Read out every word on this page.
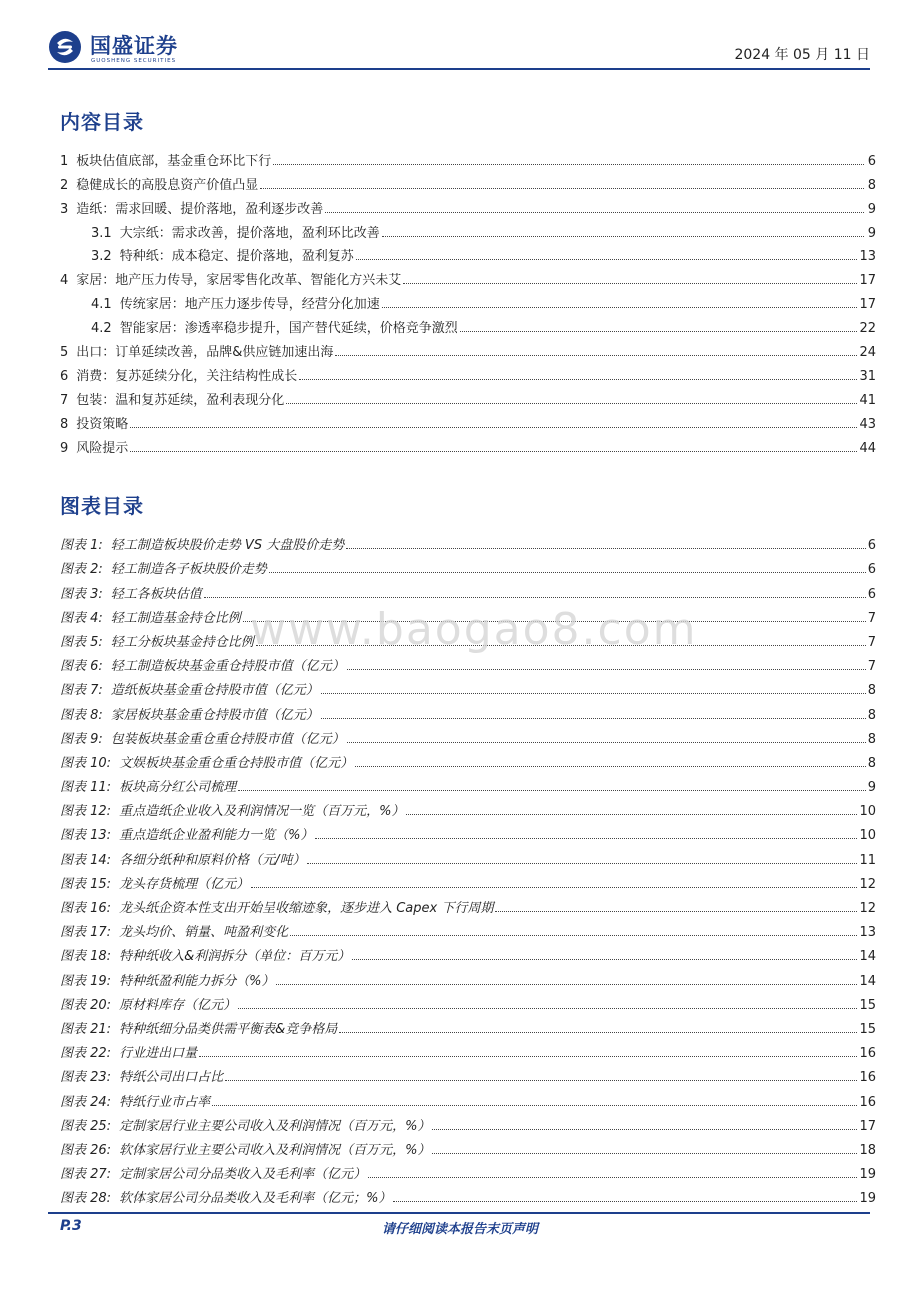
国盛证券
GUOSHENG SECURITIES	2024 年 05 月 11 日
内容目录
1 板块估值底部，基金重仓环比下行	6
2 稳健成长的高股息资产价值凸显	8
3 造纸：需求回暖、提价落地，盈利逐步改善	9
3.1 大宗纸：需求改善，提价落地，盈利环比改善	9
3.2 特种纸：成本稳定、提价落地，盈利复苏	13
4 家居：地产压力传导，家居零售化改革、智能化方兴未艾	17
4.1 传统家居：地产压力逐步传导，经营分化加速	17
4.2 智能家居：渗透率稳步提升，国产替代延续，价格竞争激烈	22
5 出口：订单延续改善，品牌&供应链加速出海	24
6 消费：复苏延续分化，关注结构性成长	31
7 包装：温和复苏延续，盈利表现分化	41
8 投资策略	43
9 风险提示	44
图表目录
图表 1: 轻工制造板块股价走势 VS 大盘股价走势	6
图表 2: 轻工制造各子板块股价走势	6
图表 3: 轻工各板块估值	6
图表 4: 轻工制造基金持仓比例	7
图表 5: 轻工分板块基金持仓比例	7
图表 6: 轻工制造板块基金重仓持股市值（亿元）	7
图表 7: 造纸板块基金重仓持股市值（亿元）	8
图表 8: 家居板块基金重仓持股市值（亿元）	8
图表 9: 包装板块基金重仓重仓持股市值（亿元）	8
图表 10: 文娱板块基金重仓重仓持股市值（亿元）	8
图表 11: 板块高分红公司梳理	9
图表 12: 重点造纸企业收入及利润情况一览（百万元，%）	10
图表 13: 重点造纸企业盈利能力一览（%）	10
图表 14: 各细分纸种和原料价格（元/吨）	11
图表 15: 龙头存货梳理（亿元）	12
图表 16: 龙头纸企资本性支出开始呈收缩迹象，逐步进入 Capex 下行周期	12
图表 17: 龙头均价、销量、吨盈利变化	13
图表 18: 特种纸收入&利润拆分（单位：百万元）	14
图表 19: 特种纸盈利能力拆分（%）	14
图表 20: 原材料库存（亿元）	15
图表 21: 特种纸细分品类供需平衡表&竞争格局	15
图表 22: 行业进出口量	16
图表 23: 特纸公司出口占比	16
图表 24: 特纸行业市占率	16
图表 25: 定制家居行业主要公司收入及利润情况（百万元，%）	17
图表 26: 软体家居行业主要公司收入及利润情况（百万元，%）	18
图表 27: 定制家居公司分品类收入及毛利率（亿元）	19
图表 28: 软体家居公司分品类收入及毛利率（亿元；%）	19
www.baogao8.com
请仔细阅读本报告末页声明
P.3
